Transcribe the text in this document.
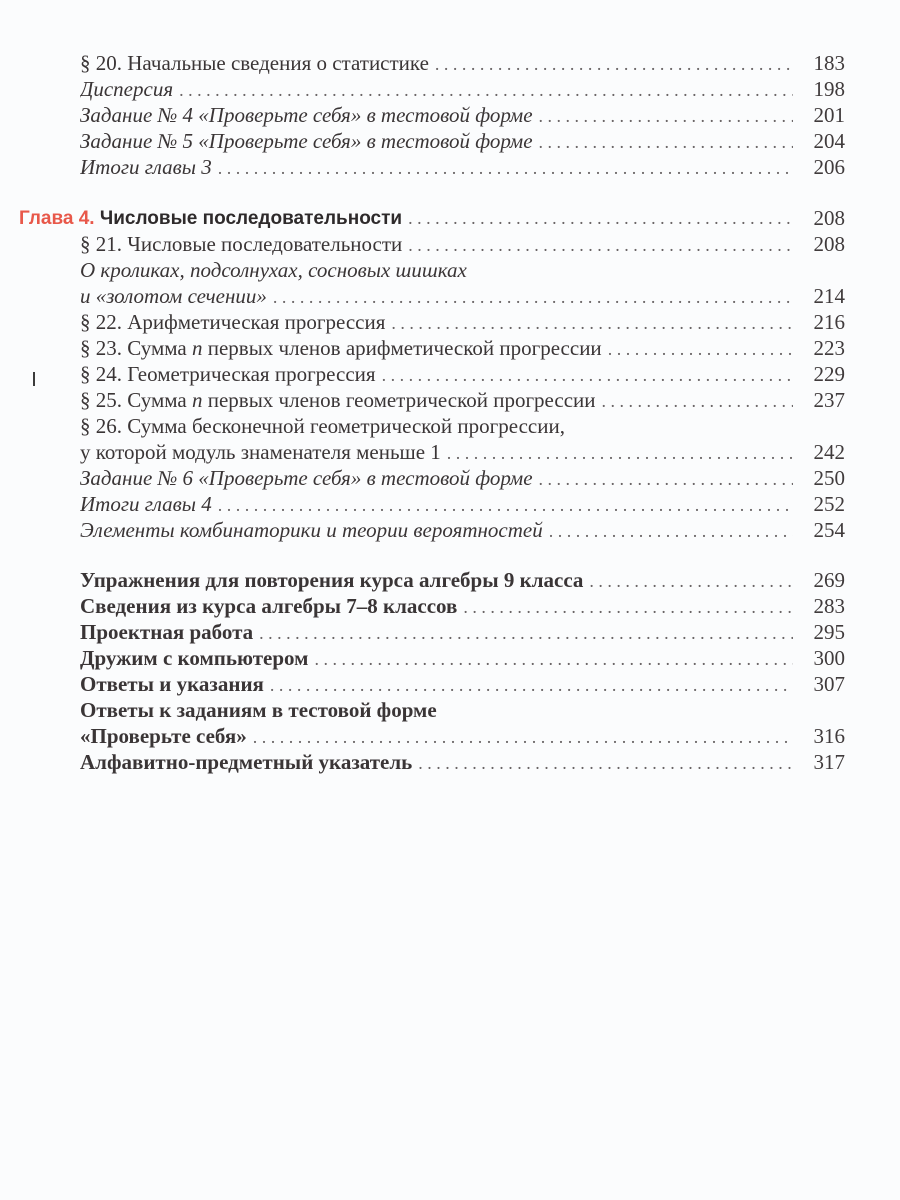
§ 20. Начальные сведения о статистике . . .	183
Дисперсия . . .	198
Задание № 4 «Проверьте себя» в тестовой форме . . .	201
Задание № 5 «Проверьте себя» в тестовой форме . . .	204
Итоги главы 3 . . .	206
Глава 4. Числовые последовательности . . .	208
§ 21. Числовые последовательности . . .	208
О кроликах, подсолнухах, сосновых шишках
и «золотом сечении» . . .	214
§ 22. Арифметическая прогрессия . . .	216
§ 23. Сумма n первых членов арифметической прогрессии . . .	223
§ 24. Геометрическая прогрессия . . .	229
§ 25. Сумма n первых членов геометрической прогрессии . . .	237
§ 26. Сумма бесконечной геометрической прогрессии,
у которой модуль знаменателя меньше 1 . . .	242
Задание № 6 «Проверьте себя» в тестовой форме . . .	250
Итоги главы 4 . . .	252
Элементы комбинаторики и теории вероятностей . . .	254
Упражнения для повторения курса алгебры 9 класса . . .	269
Сведения из курса алгебры 7–8 классов . . .	283
Проектная работа . . .	295
Дружим с компьютером . . .	300
Ответы и указания . . .	307
Ответы к заданиям в тестовой форме
«Проверьте себя» . . .	316
Алфавитно-предметный указатель . . .	317
